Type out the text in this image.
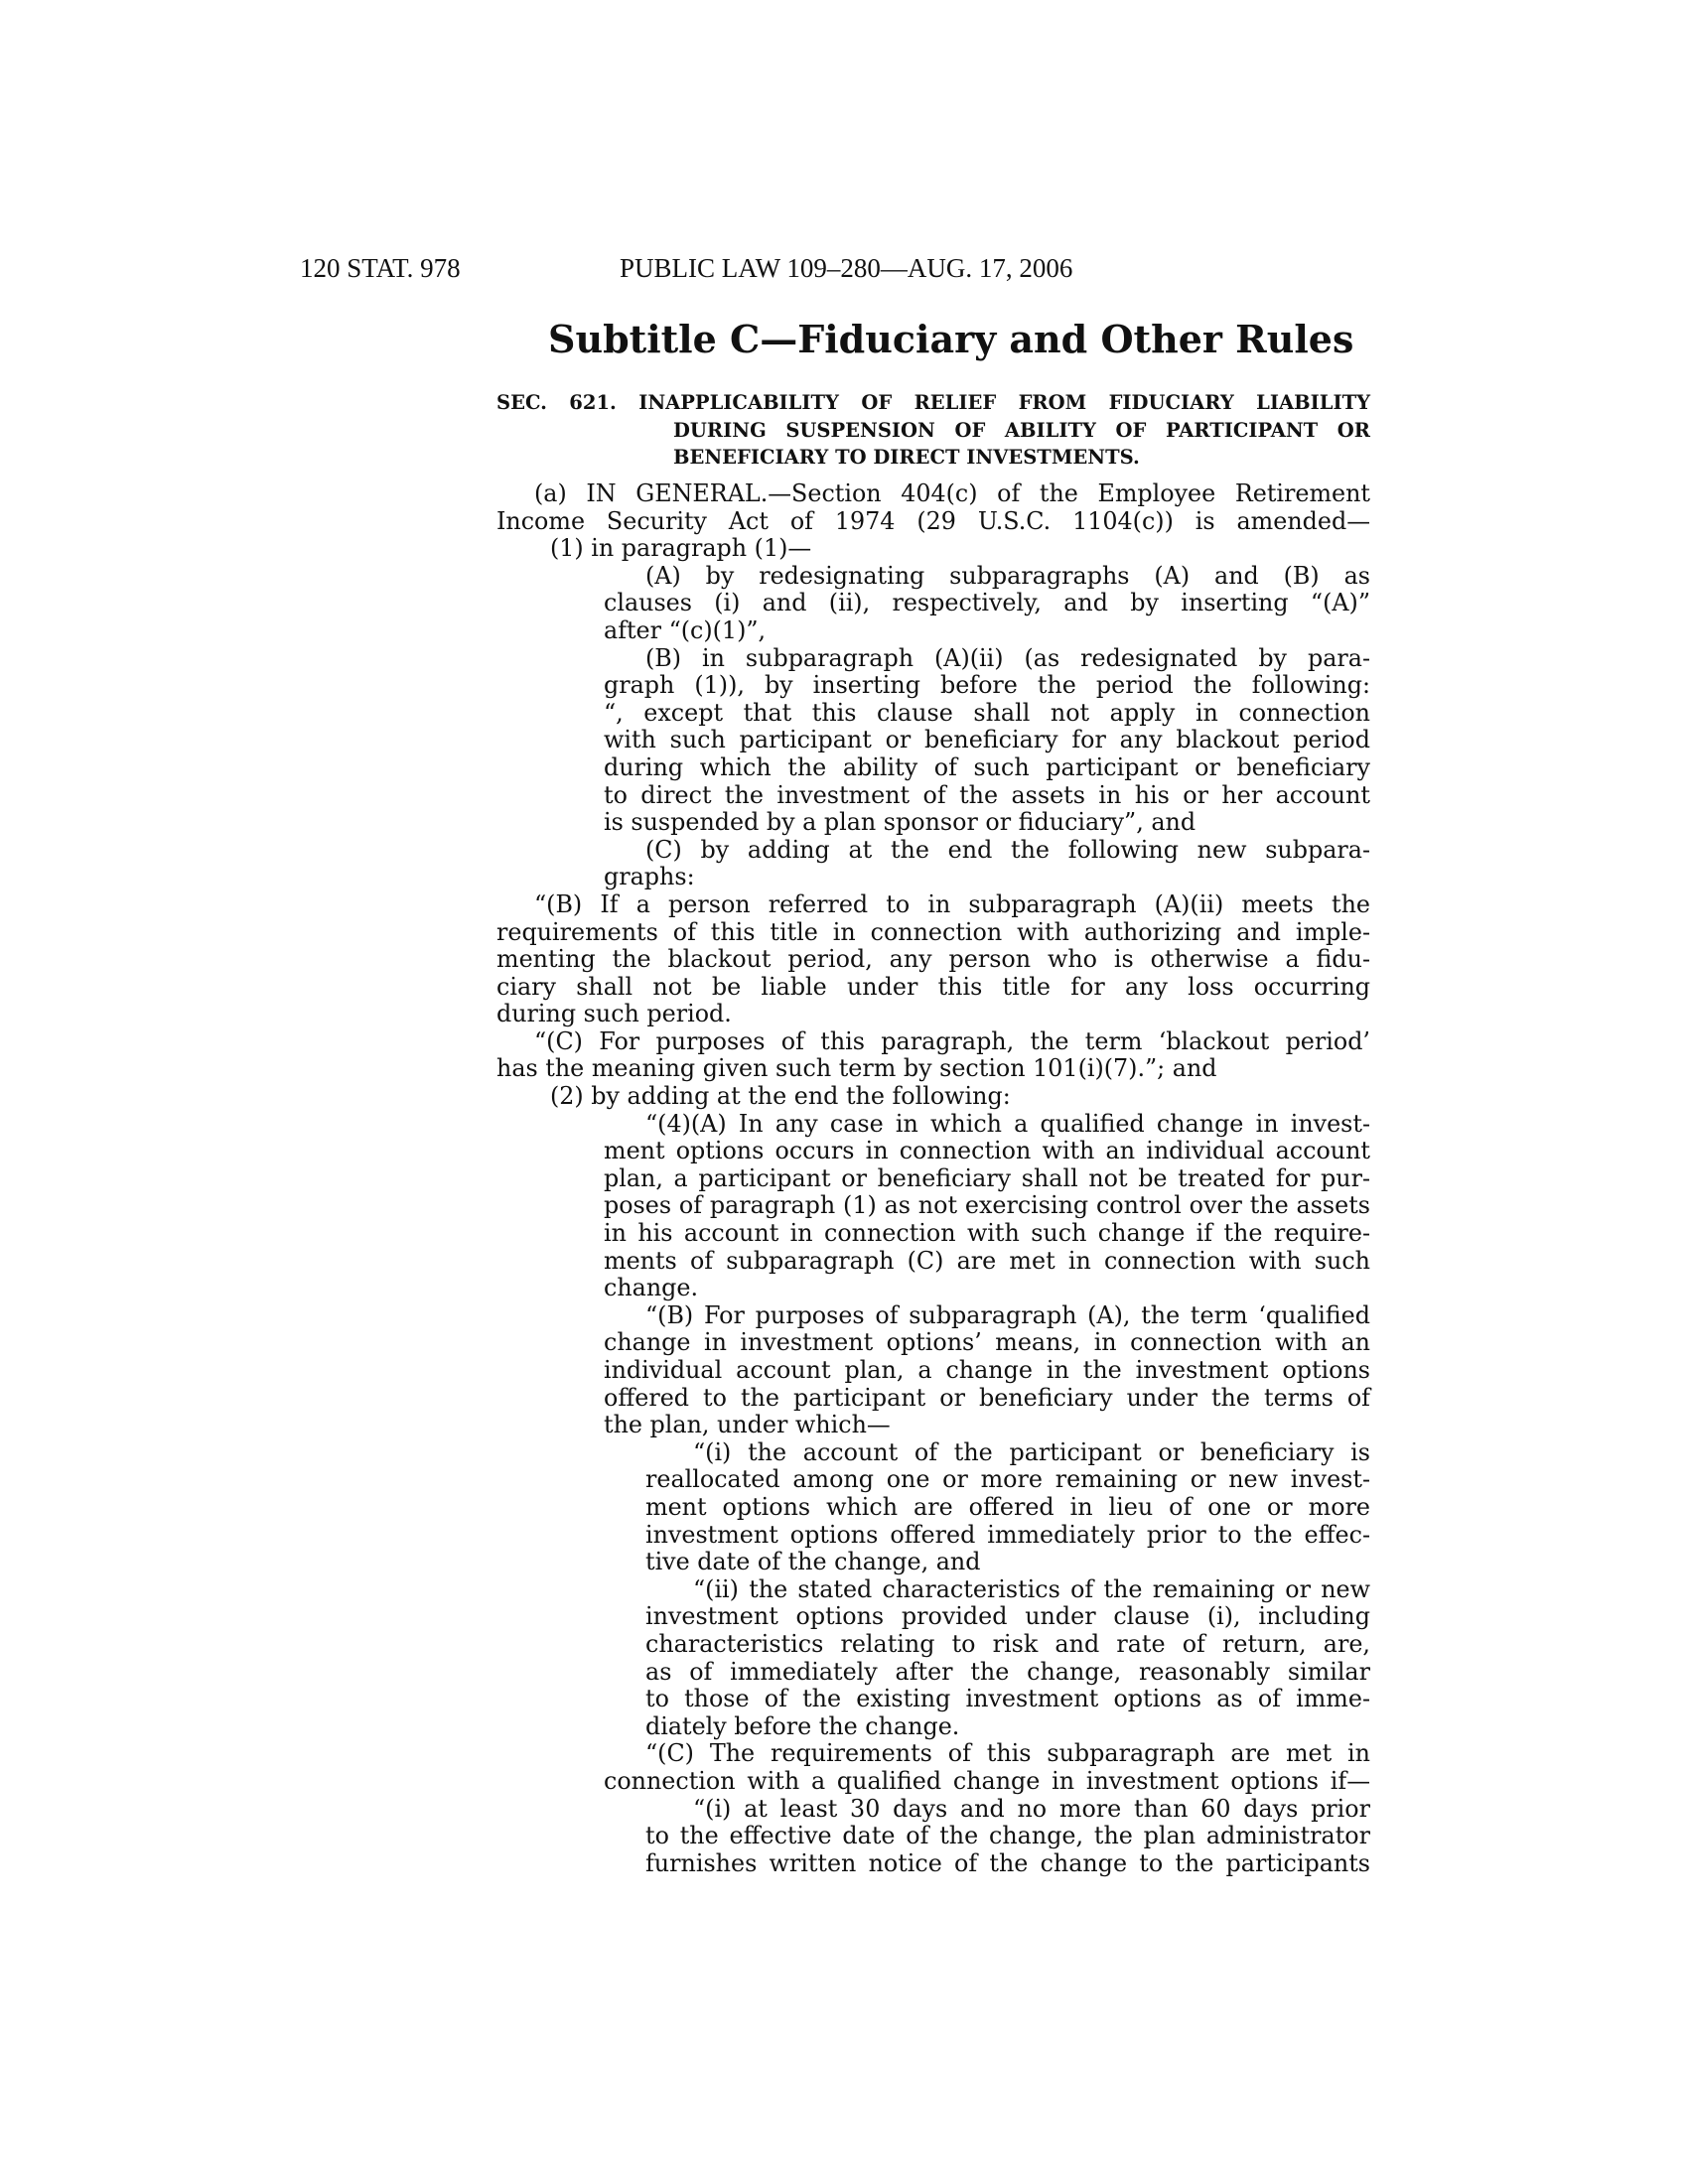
120 STAT. 978	PUBLIC LAW 109–280—AUG. 17, 2006
Subtitle C—Fiduciary and Other Rules
SEC. 621. INAPPLICABILITY OF RELIEF FROM FIDUCIARY LIABILITY
DURING SUSPENSION OF ABILITY OF PARTICIPANT OR
BENEFICIARY TO DIRECT INVESTMENTS.
(a) IN GENERAL.—Section 404(c) of the Employee Retirement
Income Security Act of 1974 (29 U.S.C. 1104(c)) is amended—
(1) in paragraph (1)—
(A) by redesignating subparagraphs (A) and (B) as
clauses (i) and (ii), respectively, and by inserting “(A)”
after “(c)(1)”,
(B) in subparagraph (A)(ii) (as redesignated by para-
graph (1)), by inserting before the period the following:
“, except that this clause shall not apply in connection
with such participant or beneficiary for any blackout period
during which the ability of such participant or beneficiary
to direct the investment of the assets in his or her account
is suspended by a plan sponsor or fiduciary”, and
(C) by adding at the end the following new subpara-
graphs:
“(B) If a person referred to in subparagraph (A)(ii) meets the
requirements of this title in connection with authorizing and imple-
menting the blackout period, any person who is otherwise a fidu-
ciary shall not be liable under this title for any loss occurring
during such period.
“(C) For purposes of this paragraph, the term ‘blackout period’
has the meaning given such term by section 101(i)(7).”; and
(2) by adding at the end the following:
“(4)(A) In any case in which a qualified change in invest-
ment options occurs in connection with an individual account
plan, a participant or beneficiary shall not be treated for pur-
poses of paragraph (1) as not exercising control over the assets
in his account in connection with such change if the require-
ments of subparagraph (C) are met in connection with such
change.
“(B) For purposes of subparagraph (A), the term ‘qualified
change in investment options’ means, in connection with an
individual account plan, a change in the investment options
offered to the participant or beneficiary under the terms of
the plan, under which—
“(i) the account of the participant or beneficiary is
reallocated among one or more remaining or new invest-
ment options which are offered in lieu of one or more
investment options offered immediately prior to the effec-
tive date of the change, and
“(ii) the stated characteristics of the remaining or new
investment options provided under clause (i), including
characteristics relating to risk and rate of return, are,
as of immediately after the change, reasonably similar
to those of the existing investment options as of imme-
diately before the change.
“(C) The requirements of this subparagraph are met in
connection with a qualified change in investment options if—
“(i) at least 30 days and no more than 60 days prior
to the effective date of the change, the plan administrator
furnishes written notice of the change to the participants
